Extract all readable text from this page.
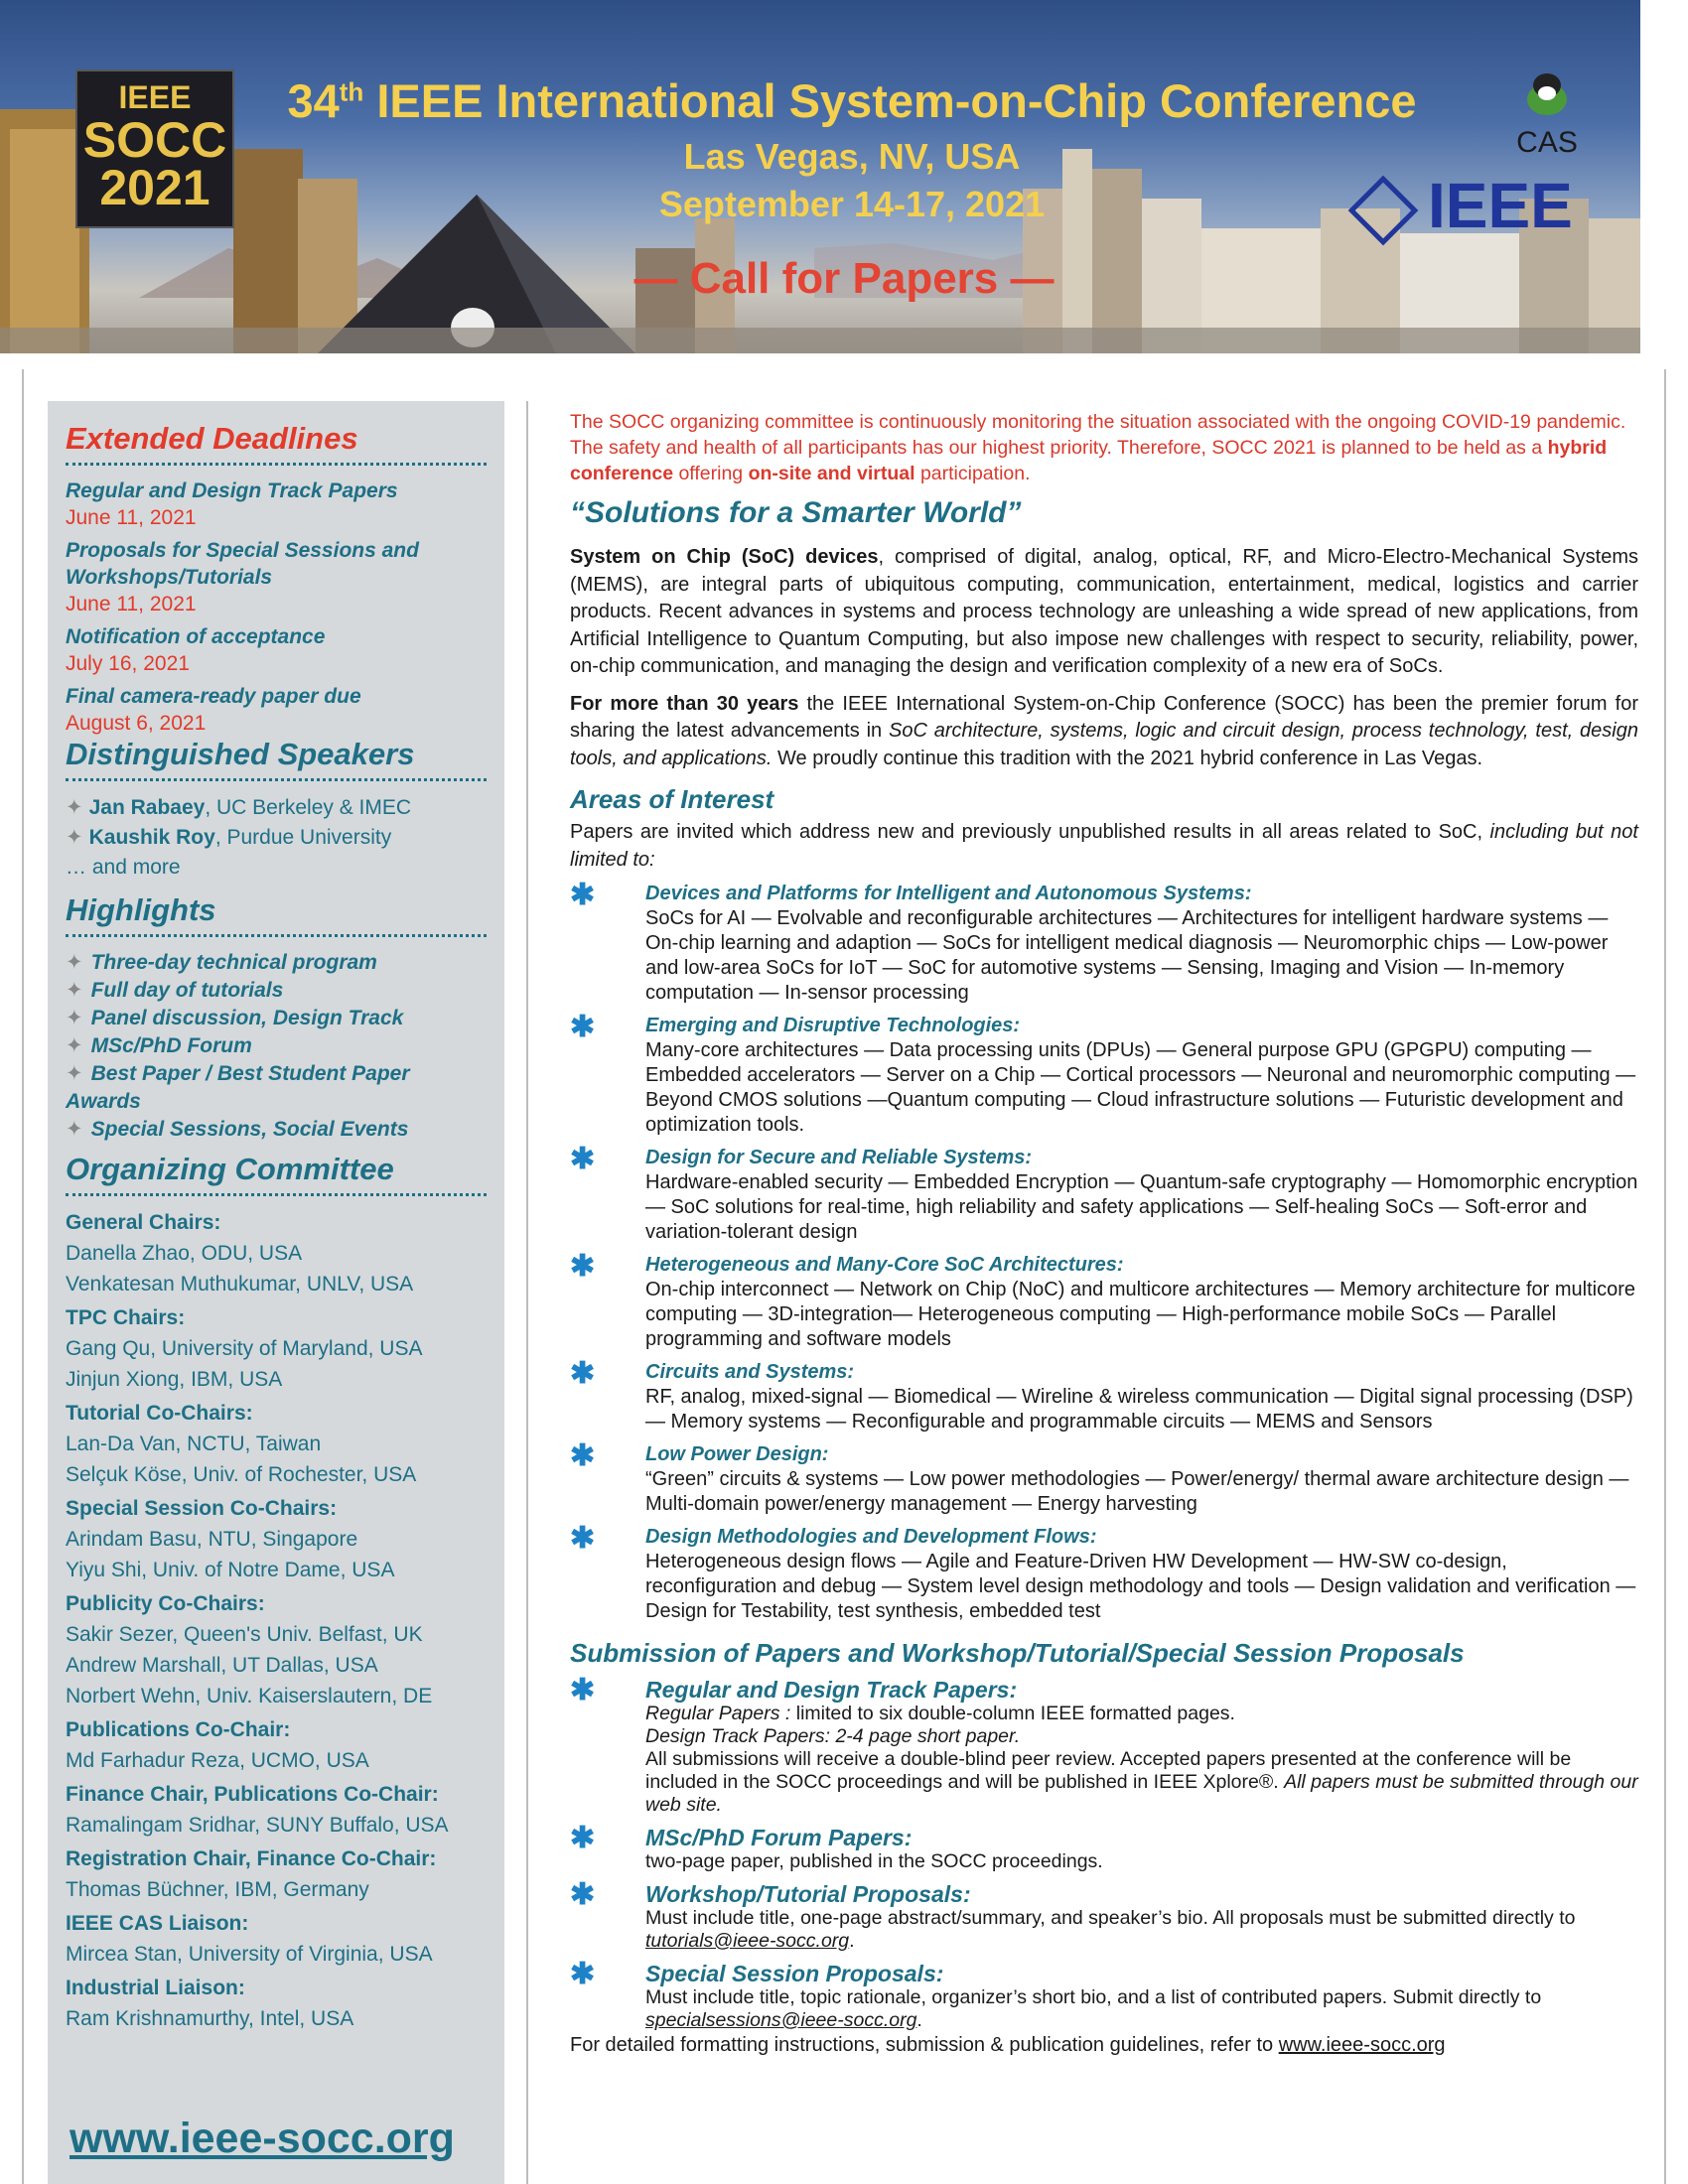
IEEE
SOCC
2021
34th IEEE International System-on-Chip Conference
Las Vegas, NV, USA
September 14-17, 2021
— Call for Papers —
CAS
IEEE
Extended Deadlines
Regular and Design Track Papers
June 11, 2021
Proposals for Special Sessions and Workshops/Tutorials
June 11, 2021
Notification of acceptance
July 16, 2021
Final camera-ready paper due
August 6, 2021
Distinguished Speakers
✦ Jan Rabaey, UC Berkeley & IMEC
✦ Kaushik Roy, Purdue University
… and more
Highlights
✦ Three-day technical program
✦ Full day of tutorials
✦ Panel discussion, Design Track
✦ MSc/PhD Forum
✦ Best Paper / Best Student Paper
Awards
✦ Special Sessions, Social Events
Organizing Committee
General Chairs:
Danella Zhao, ODU, USA
Venkatesan Muthukumar, UNLV, USA
TPC Chairs:
Gang Qu, University of Maryland, USA
Jinjun Xiong, IBM, USA
Tutorial Co-Chairs:
Lan-Da Van, NCTU, Taiwan
Selçuk Köse, Univ. of Rochester, USA
Special Session Co-Chairs:
Arindam Basu, NTU, Singapore
Yiyu Shi, Univ. of Notre Dame, USA
Publicity Co-Chairs:
Sakir Sezer, Queen's Univ. Belfast, UK
Andrew Marshall, UT Dallas, USA
Norbert Wehn, Univ. Kaiserslautern, DE
Publications Co-Chair:
Md Farhadur Reza, UCMO, USA
Finance Chair, Publications Co-Chair:
Ramalingam Sridhar, SUNY Buffalo, USA
Registration Chair, Finance Co-Chair:
Thomas Büchner, IBM, Germany
IEEE CAS Liaison:
Mircea Stan, University of Virginia, USA
Industrial Liaison:
Ram Krishnamurthy, Intel, USA
www.ieee-socc.org
The SOCC organizing committee is continuously monitoring the situation associated with the ongoing COVID-19 pandemic. The safety and health of all participants has our highest priority. Therefore, SOCC 2021 is planned to be held as a hybrid conference offering on-site and virtual participation.
“Solutions for a Smarter World”
System on Chip (SoC) devices, comprised of digital, analog, optical, RF, and Micro-Electro-Mechanical Systems (MEMS), are integral parts of ubiquitous computing, communication, entertainment, medical, logistics and carrier products. Recent advances in systems and process technology are unleashing a wide spread of new applications, from Artificial Intelligence to Quantum Computing, but also impose new challenges with respect to security, reliability, power, on-chip communication, and managing the design and verification complexity of a new era of SoCs.
For more than 30 years the IEEE International System-on-Chip Conference (SOCC) has been the premier forum for sharing the latest advancements in SoC architecture, systems, logic and circuit design, process technology, test, design tools, and applications. We proudly continue this tradition with the 2021 hybrid conference in Las Vegas.
Areas of Interest
Papers are invited which address new and previously unpublished results in all areas related to SoC, including but not limited to:
✱	Devices and Platforms for Intelligent and Autonomous Systems:
SoCs for AI — Evolvable and reconfigurable architectures — Architectures for intelligent hardware systems — On-chip learning and adaption — SoCs for intelligent medical diagnosis — Neuromorphic chips — Low-power and low-area SoCs for IoT — SoC for automotive systems — Sensing, Imaging and Vision — In-memory computation — In-sensor processing
✱	Emerging and Disruptive Technologies:
Many-core architectures — Data processing units (DPUs) — General purpose GPU (GPGPU) computing — Embedded accelerators — Server on a Chip — Cortical processors — Neuronal and neuromorphic computing — Beyond CMOS solutions —Quantum computing — Cloud infrastructure solutions — Futuristic development and optimization tools.
✱	Design for Secure and Reliable Systems:
Hardware-enabled security — Embedded Encryption — Quantum-safe cryptography — Homomorphic encryption — SoC solutions for real-time, high reliability and safety applications — Self-healing SoCs — Soft-error and variation-tolerant design
✱	Heterogeneous and Many-Core SoC Architectures:
On-chip interconnect — Network on Chip (NoC) and multicore architectures — Memory architecture for multicore computing — 3D-integration— Heterogeneous computing — High-performance mobile SoCs — Parallel programming and software models
✱	Circuits and Systems:
RF, analog, mixed-signal — Biomedical — Wireline & wireless communication — Digital signal processing (DSP) — Memory systems — Reconfigurable and programmable circuits — MEMS and Sensors
✱	Low Power Design:
“Green” circuits & systems — Low power methodologies — Power/energy/ thermal aware architecture design — Multi-domain power/energy management — Energy harvesting
✱	Design Methodologies and Development Flows:
Heterogeneous design flows — Agile and Feature-Driven HW Development — HW-SW co-design, reconfiguration and debug — System level design methodology and tools — Design validation and verification — Design for Testability, test synthesis, embedded test
Submission of Papers and Workshop/Tutorial/Special Session Proposals
✱ Regular and Design Track Papers:
Regular Papers : limited to six double-column IEEE formatted pages.
Design Track Papers: 2-4 page short paper.
All submissions will receive a double-blind peer review. Accepted papers presented at the conference will be included in the SOCC proceedings and will be published in IEEE Xplore®. All papers must be submitted through our web site.
✱ MSc/PhD Forum Papers:
two-page paper, published in the SOCC proceedings.
✱ Workshop/Tutorial Proposals:
Must include title, one-page abstract/summary, and speaker’s bio. All proposals must be submitted directly to tutorials@ieee-socc.org.
✱ Special Session Proposals:
Must include title, topic rationale, organizer’s short bio, and a list of contributed papers. Submit directly to specialsessions@ieee-socc.org.
For detailed formatting instructions, submission & publication guidelines, refer to www.ieee-socc.org
